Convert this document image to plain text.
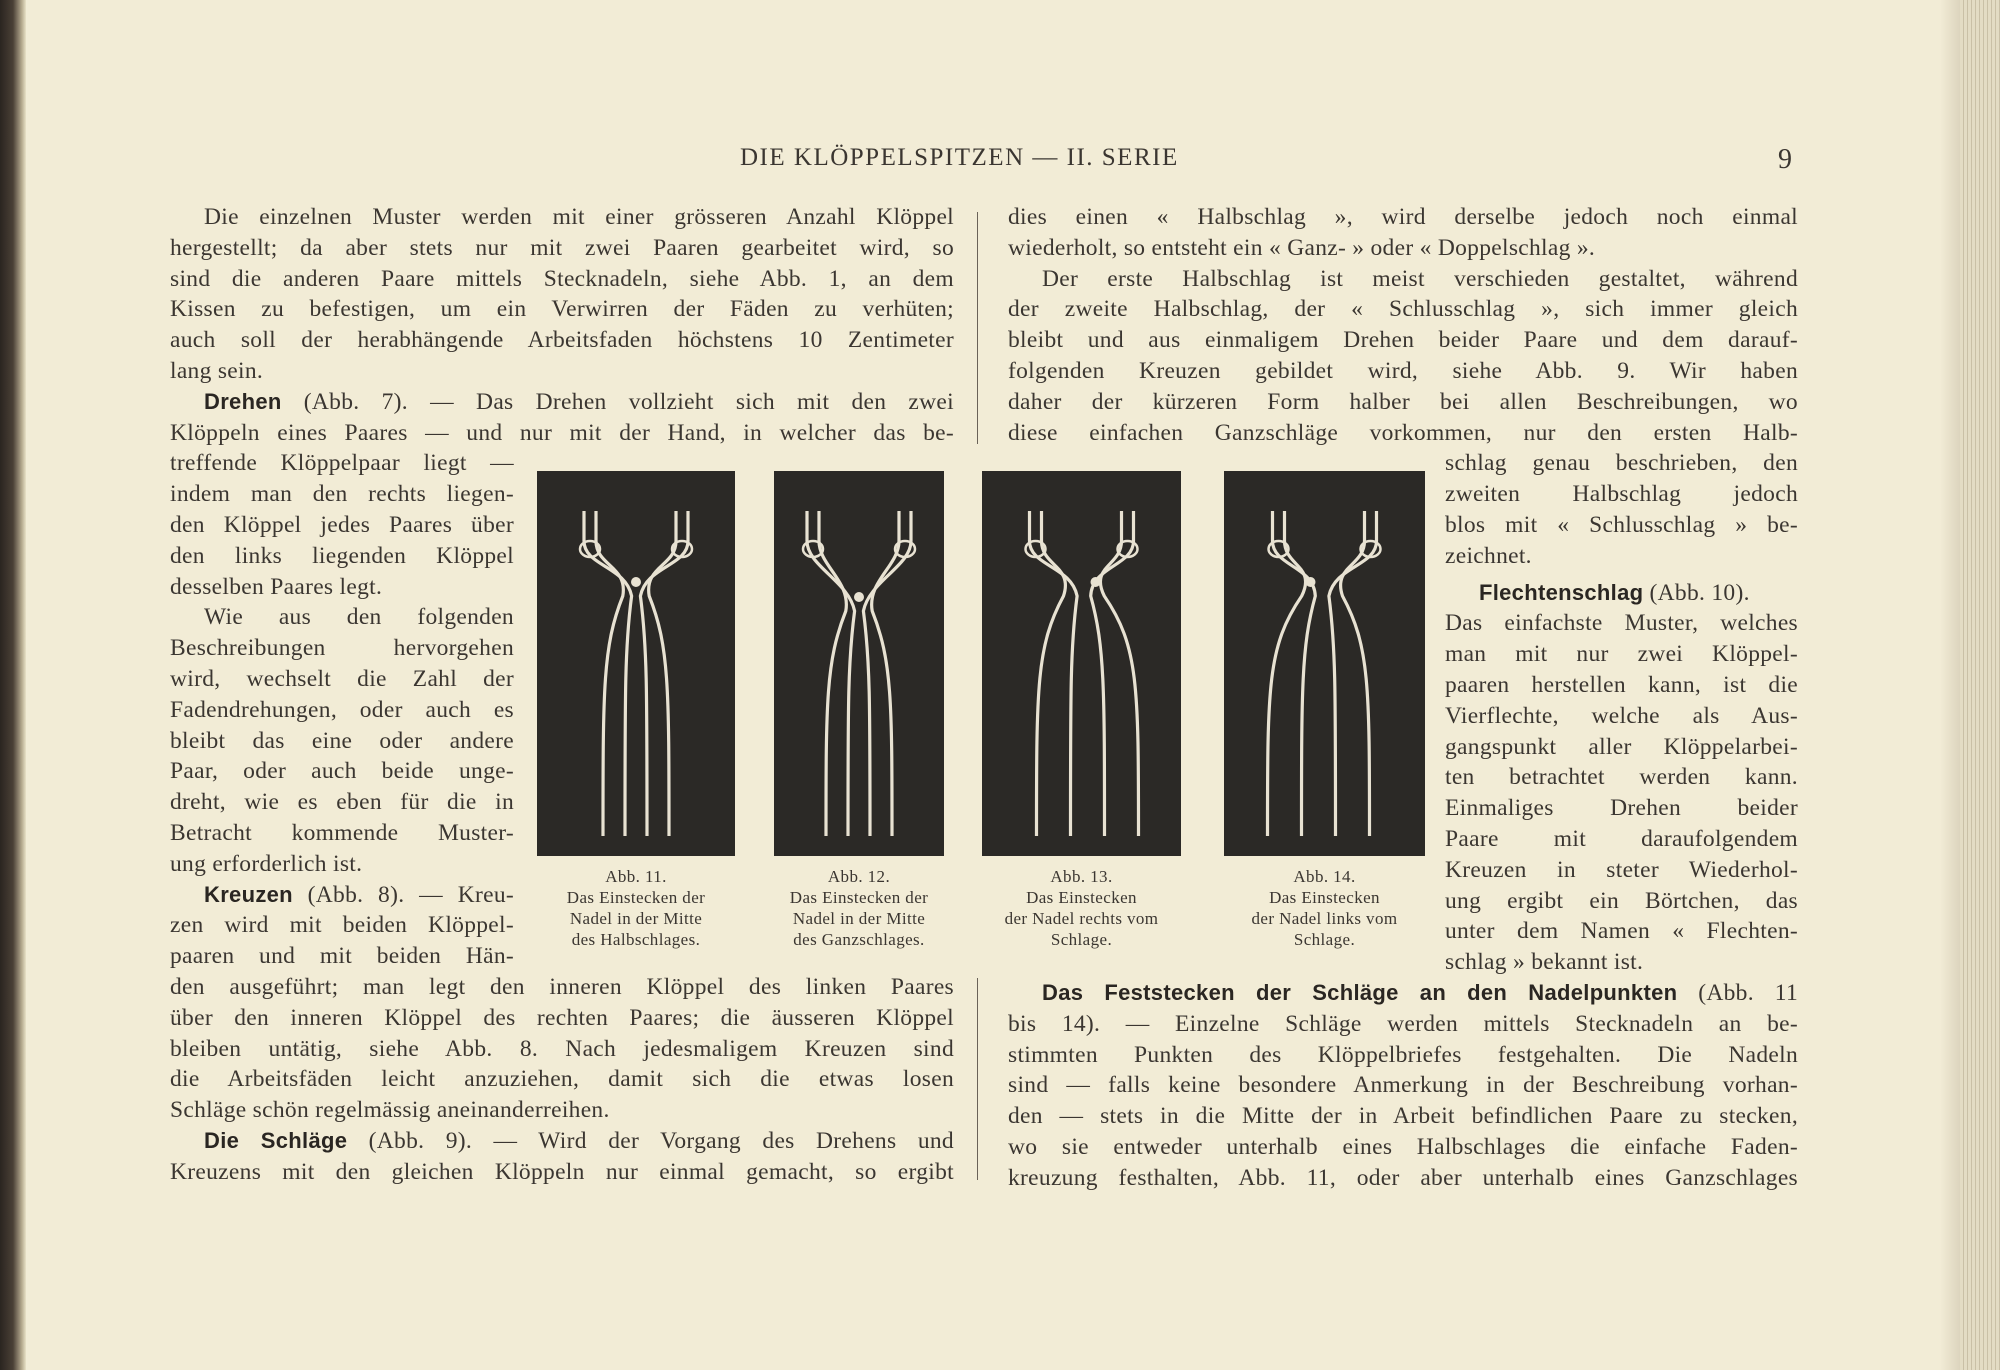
DIE KLÖPPELSPITZEN — II. SERIE	9
Die einzelnen Muster werden mit einer grösseren Anzahl Klöppel
hergestellt; da aber stets nur mit zwei Paaren gearbeitet wird, so
sind die anderen Paare mittels Stecknadeln, siehe Abb. 1, an dem
Kissen zu befestigen, um ein Verwirren der Fäden zu verhüten;
auch soll der herabhängende Arbeitsfaden höchstens 10 Zentimeter
lang sein.
Drehen (Abb. 7). — Das Drehen vollzieht sich mit den zwei
Klöppeln eines Paares — und nur mit der Hand, in welcher das be-
treffende Klöppelpaar liegt —
indem man den rechts liegen-
den Klöppel jedes Paares über
den links liegenden Klöppel
desselben Paares legt.
Wie aus den folgenden
Beschreibungen hervorgehen
wird, wechselt die Zahl der
Fadendrehungen, oder auch es
bleibt das eine oder andere
Paar, oder auch beide unge-
dreht, wie es eben für die in
Betracht kommende Muster-
ung erforderlich ist.
Kreuzen (Abb. 8). — Kreu-
zen wird mit beiden Klöppel-
paaren und mit beiden Hän-
den ausgeführt; man legt den inneren Klöppel des linken Paares
über den inneren Klöppel des rechten Paares; die äusseren Klöppel
bleiben untätig, siehe Abb. 8. Nach jedesmaligem Kreuzen sind
die Arbeitsfäden leicht anzuziehen, damit sich die etwas losen
Schläge schön regelmässig aneinanderreihen.
Die Schläge (Abb. 9). — Wird der Vorgang des Drehens und
Kreuzens mit den gleichen Klöppeln nur einmal gemacht, so ergibt
dies einen « Halbschlag », wird derselbe jedoch noch einmal
wiederholt, so entsteht ein « Ganz- » oder « Doppelschlag ».
Der erste Halbschlag ist meist verschieden gestaltet, während
der zweite Halbschlag, der « Schlusschlag », sich immer gleich
bleibt und aus einmaligem Drehen beider Paare und dem darauf-
folgenden Kreuzen gebildet wird, siehe Abb. 9. Wir haben
daher der kürzeren Form halber bei allen Beschreibungen, wo
diese einfachen Ganzschläge vorkommen, nur den ersten Halb-
schlag genau beschrieben, den
zweiten Halbschlag jedoch
blos mit « Schlusschlag » be-
zeichnet.
Flechtenschlag (Abb. 10).
Das einfachste Muster, welches
man mit nur zwei Klöppel-
paaren herstellen kann, ist die
Vierflechte, welche als Aus-
gangspunkt aller Klöppelarbei-
ten betrachtet werden kann.
Einmaliges Drehen beider
Paare mit daraufolgendem
Kreuzen in steter Wiederhol-
ung ergibt ein Börtchen, das
unter dem Namen « Flechten-
schlag » bekannt ist.
Das Feststecken der Schläge an den Nadelpunkten (Abb. 11
bis 14). — Einzelne Schläge werden mittels Stecknadeln an be-
stimmten Punkten des Klöppelbriefes festgehalten. Die Nadeln
sind — falls keine besondere Anmerkung in der Beschreibung vorhan-
den — stets in die Mitte der in Arbeit befindlichen Paare zu stecken,
wo sie entweder unterhalb eines Halbschlages die einfache Faden-
kreuzung festhalten, Abb. 11, oder aber unterhalb eines Ganzschlages
Abb. 11.
Das Einstecken der
Nadel in der Mitte
des Halbschlages.
Abb. 12.
Das Einstecken der
Nadel in der Mitte
des Ganzschlages.
Abb. 13.
Das Einstecken
der Nadel rechts vom
Schlage.
Abb. 14.
Das Einstecken
der Nadel links vom
Schlage.
